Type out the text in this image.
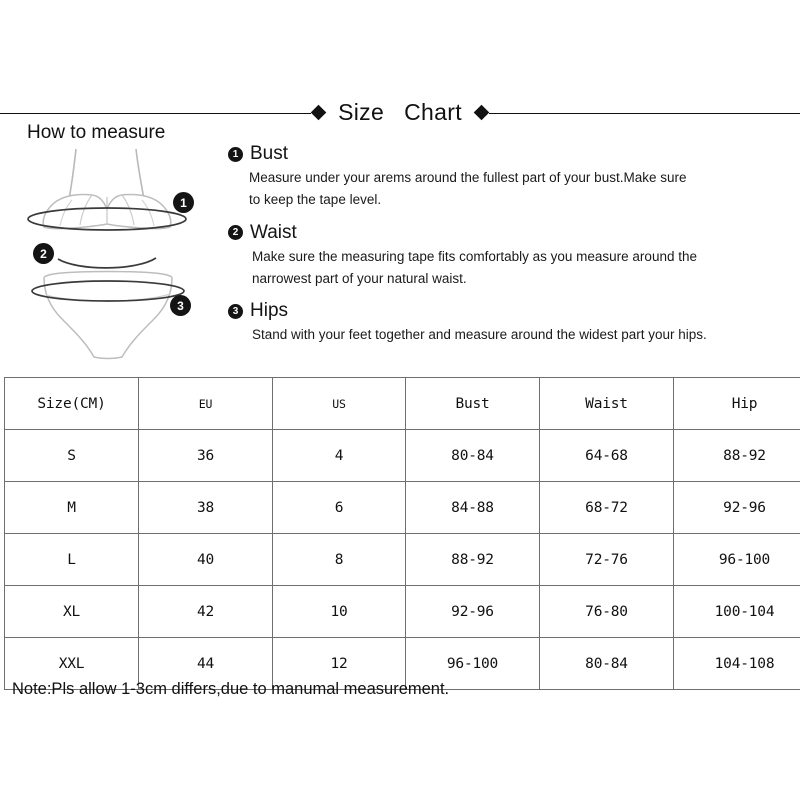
Size   Chart
How to measure
1
2
3
1 Bust
Measure under your arems around the fullest part of your bust.Make sure
to keep the tape level.
2 Waist
Make sure the measuring tape fits comfortably as you measure around the
narrowest part of your natural waist.
3 Hips
Stand with your feet together and measure around the widest part your hips.
Size(CM)	EU	US	Bust	Waist	Hip
S	36	4	80-84	64-68	88-92
M	38	6	84-88	68-72	92-96
L	40	8	88-92	72-76	96-100
XL	42	10	92-96	76-80	100-104
XXL	44	12	96-100	80-84	104-108
Note:Pls allow 1-3cm differs,due to manumal measurement.
